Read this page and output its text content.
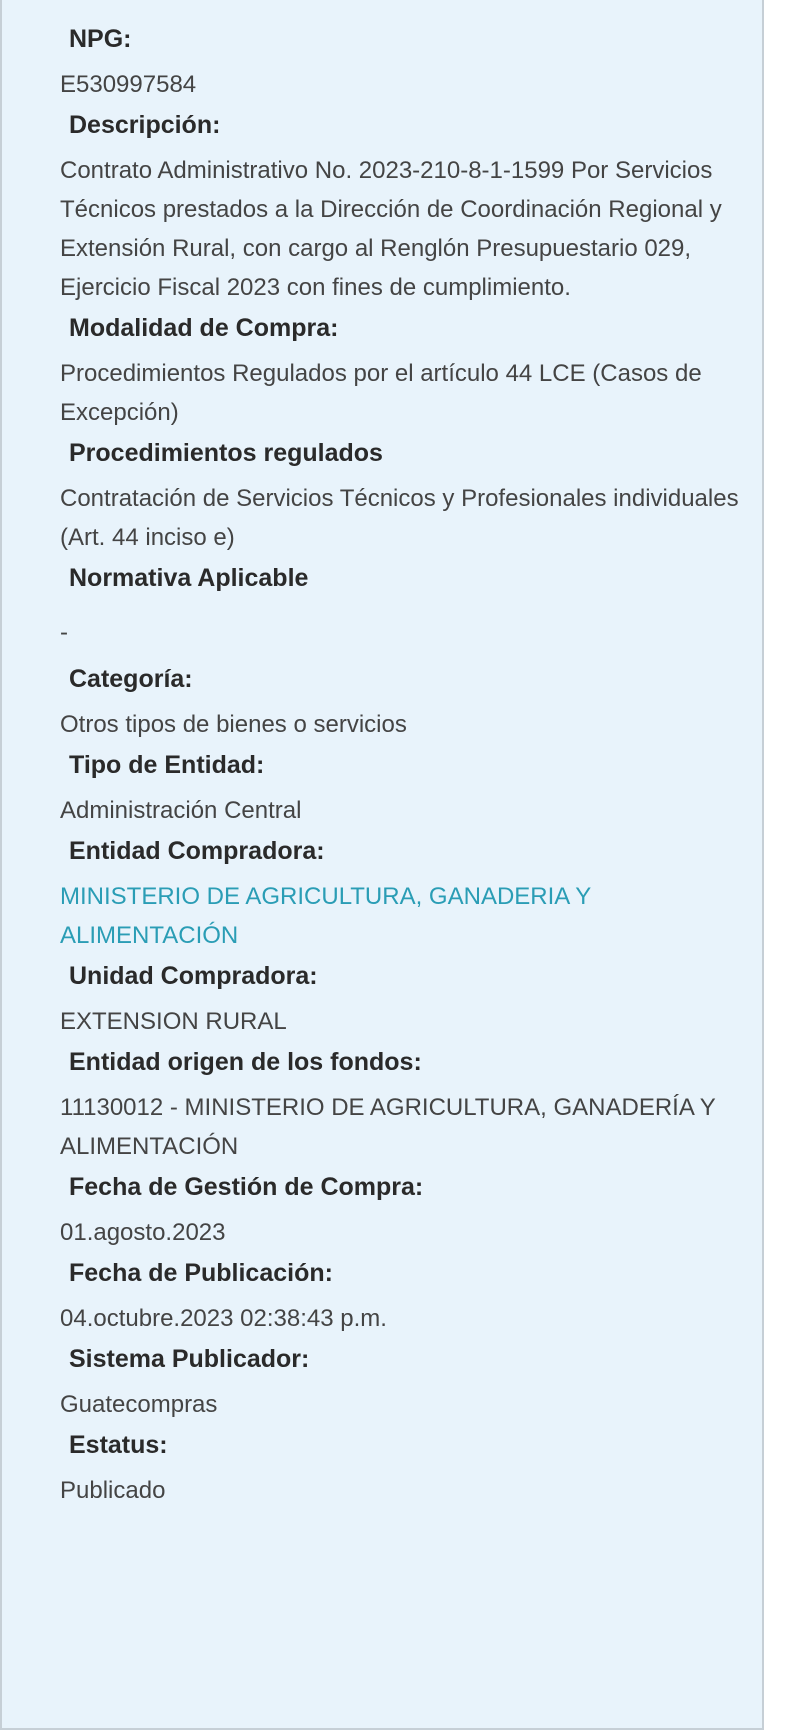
NPG:
E530997584
Descripción:
Contrato Administrativo No. 2023-210-8-1-1599 Por Servicios Técnicos prestados a la Dirección de Coordinación Regional y Extensión Rural, con cargo al Renglón Presupuestario 029, Ejercicio Fiscal 2023 con fines de cumplimiento.
Modalidad de Compra:
Procedimientos Regulados por el artículo 44 LCE (Casos de Excepción)
Procedimientos regulados
Contratación de Servicios Técnicos y Profesionales individuales (Art. 44 inciso e)
Normativa Aplicable
-
Categoría:
Otros tipos de bienes o servicios
Tipo de Entidad:
Administración Central
Entidad Compradora:
MINISTERIO DE AGRICULTURA, GANADERIA Y ALIMENTACIÓN
Unidad Compradora:
EXTENSION RURAL
Entidad origen de los fondos:
11130012 - MINISTERIO DE AGRICULTURA, GANADERÍA Y ALIMENTACIÓN
Fecha de Gestión de Compra:
01.agosto.2023
Fecha de Publicación:
04.octubre.2023 02:38:43 p.m.
Sistema Publicador:
Guatecompras
Estatus:
Publicado
